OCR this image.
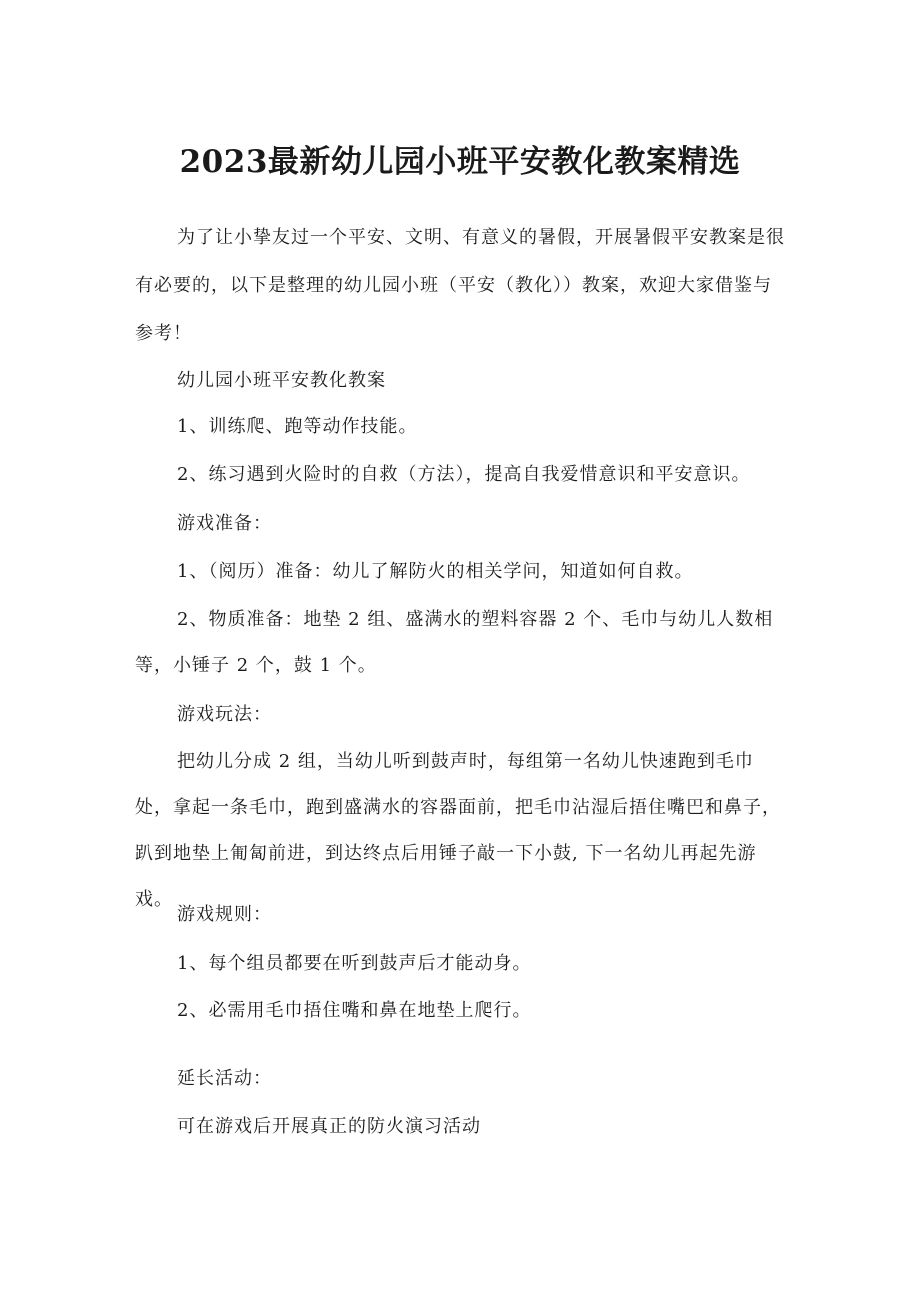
2023最新幼儿园小班平安教化教案精选

为了让小挚友过一个平安、文明、有意义的暑假，开展暑假平安教案是很有必要的，以下是整理的幼儿园小班（平安（教化））教案，欢迎大家借鉴与参考！

幼儿园小班平安教化教案

1、训练爬、跑等动作技能。

2、练习遇到火险时的自救（方法），提高自我爱惜意识和平安意识。

游戏准备：

1、（阅历）准备：幼儿了解防火的相关学问，知道如何自救。

2、物质准备：地垫 2 组、盛满水的塑料容器 2 个、毛巾与幼儿人数相等，小锤子 2 个，鼓 1 个。

游戏玩法：

把幼儿分成 2 组，当幼儿听到鼓声时，每组第一名幼儿快速跑到毛巾处，拿起一条毛巾，跑到盛满水的容器面前，把毛巾沾湿后捂住嘴巴和鼻子，趴到地垫上匍匐前进，到达终点后用锤子敲一下小鼓, 下一名幼儿再起先游戏。

游戏规则：

1、每个组员都要在听到鼓声后才能动身。

2、必需用毛巾捂住嘴和鼻在地垫上爬行。

延长活动：

可在游戏后开展真正的防火演习活动
